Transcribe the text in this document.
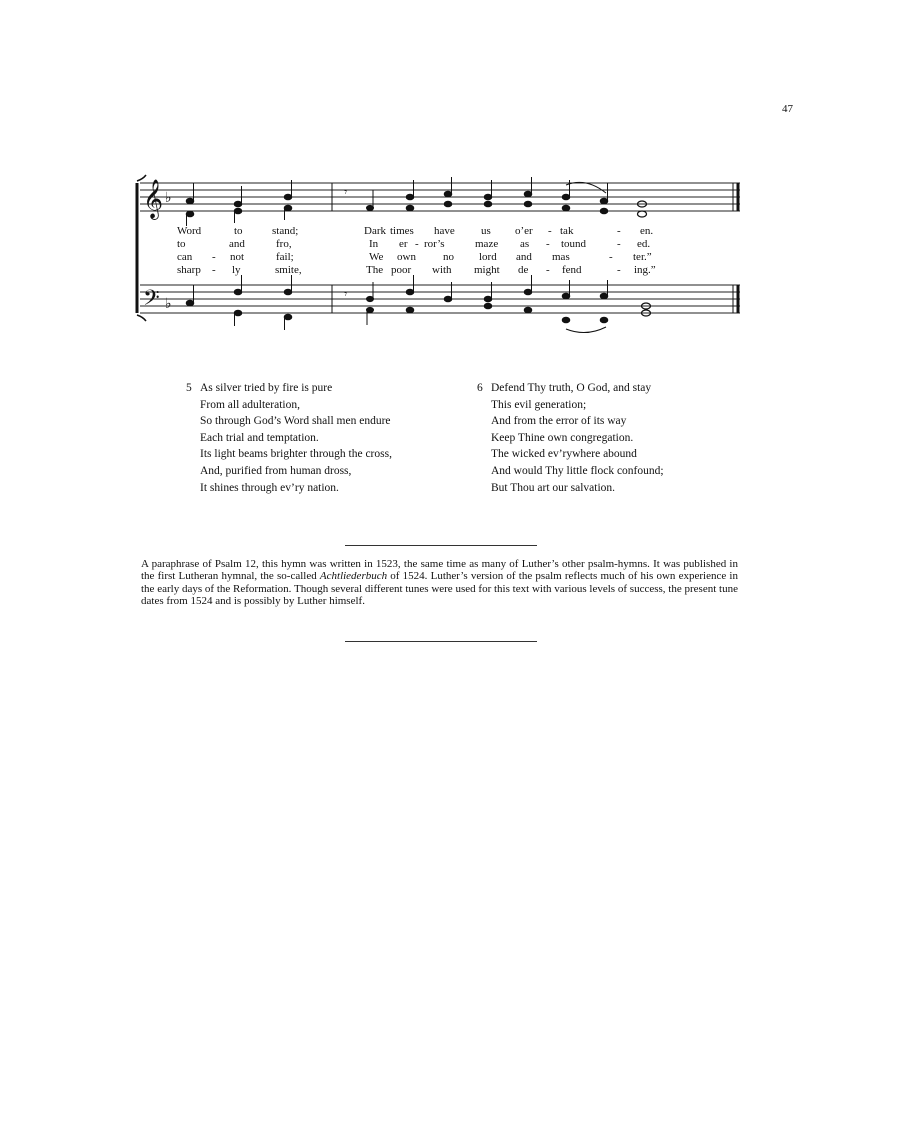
47
𝄞
𝄢
♭
♭
𝄾
𝄾
Word	to	stand;	Dark times have us o’er - tak	- en.
to	and	fro,	In er - ror’s	maze as - tound	- ed.
can - not	fail;	We own no lord and mas	- ter.”
sharp - ly	smite,	The poor with might de - fend	- ing.”
5 As silver tried by fire is pure
From all adulteration,
So through God’s Word shall men endure
Each trial and temptation.
Its light beams brighter through the cross,
And, purified from human dross,
It shines through ev’ry nation.
6 Defend Thy truth, O God, and stay
This evil generation;
And from the error of its way
Keep Thine own congregation.
The wicked ev’rywhere abound
And would Thy little flock confound;
But Thou art our salvation.
A paraphrase of Psalm 12, this hymn was written in 1523, the same time as many of Luther’s other psalm-hymns. It was published in the first Lutheran hymnal, the so-called Achtliederbuch of 1524. Luther’s version of the psalm reflects much of his own experience in the early days of the Reformation. Though several different tunes were used for this text with various levels of success, the present tune dates from 1524 and is possibly by Luther himself.
